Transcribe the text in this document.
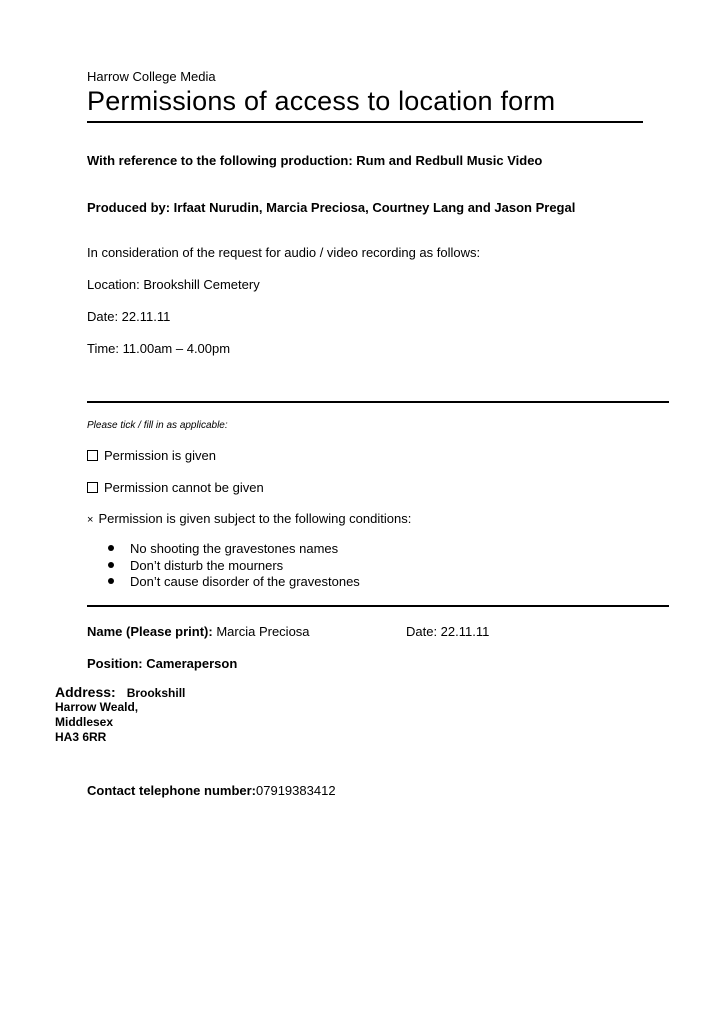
Harrow College Media
Permissions of access to location form
With reference to the following production: Rum and Redbull Music Video
Produced by: Irfaat Nurudin, Marcia Preciosa, Courtney Lang and Jason Pregal
In consideration of the request for audio / video recording as follows:
Location: Brookshill Cemetery
Date: 22.11.11
Time: 11.00am – 4.00pm
Please tick / fill in as applicable:
Permission is given
Permission cannot be given
× Permission is given subject to the following conditions:
No shooting the gravestones names
Don’t disturb the mourners
Don’t cause disorder of the gravestones
Name (Please print): Marcia Preciosa	Date: 22.11.11
Position: Cameraperson
Address: Brookshill
Harrow Weald,
Middlesex
HA3 6RR
Contact telephone number:07919383412
